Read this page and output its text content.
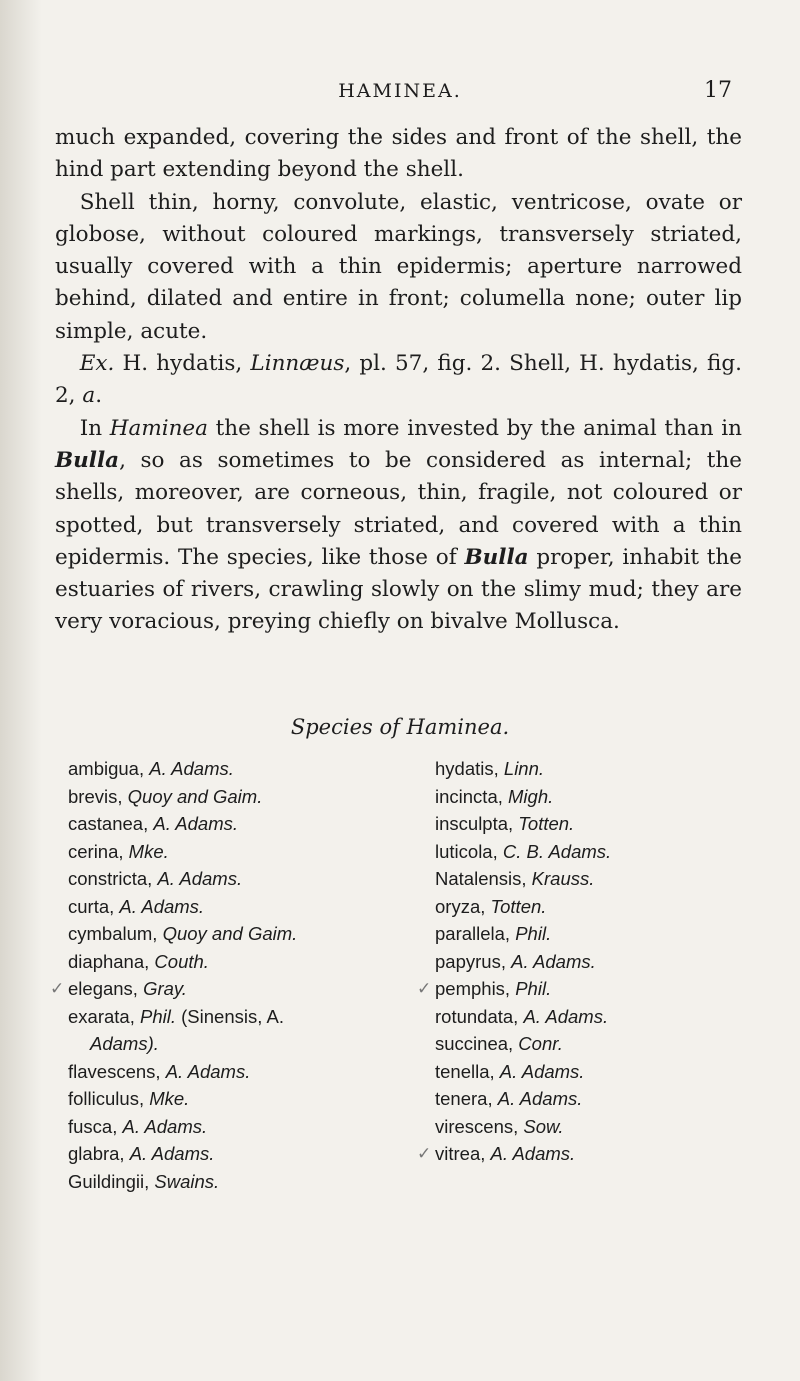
HAMINEA.	17

much expanded, covering the sides and front of the shell, the hind part extending beyond the shell.

Shell thin, horny, convolute, elastic, ventricose, ovate or globose, without coloured markings, transversely striated, usually covered with a thin epidermis; aperture narrowed behind, dilated and entire in front; columella none; outer lip simple, acute.

Ex. H. hydatis, Linnæus, pl. 57, fig. 2. Shell, H. hydatis, fig. 2, a.

In Haminea the shell is more invested by the animal than in Bulla, so as sometimes to be considered as internal; the shells, moreover, are corneous, thin, fragile, not coloured or spotted, but transversely striated, and covered with a thin epidermis. The species, like those of Bulla proper, inhabit the estuaries of rivers, crawling slowly on the slimy mud; they are very voracious, preying chiefly on bivalve Mollusca.

Species of Haminea.
ambigua, A. Adams.
brevis, Quoy and Gaim.
castanea, A. Adams.
cerina, Mke.
constricta, A. Adams.
curta, A. Adams.
cymbalum, Quoy and Gaim.
diaphana, Couth.
✓ elegans, Gray.
exarata, Phil. (Sinensis, A.
Adams).
flavescens, A. Adams.
folliculus, Mke.
fusca, A. Adams.
glabra, A. Adams.
Guildingii, Swains.
hydatis, Linn.
incincta, Migh.
insculpta, Totten.
luticola, C. B. Adams.
Natalensis, Krauss.
oryza, Totten.
parallela, Phil.
papyrus, A. Adams.
✓ pemphis, Phil.
rotundata, A. Adams.
succinea, Conr.
tenella, A. Adams.
tenera, A. Adams.
virescens, Sow.
✓ vitrea, A. Adams.
